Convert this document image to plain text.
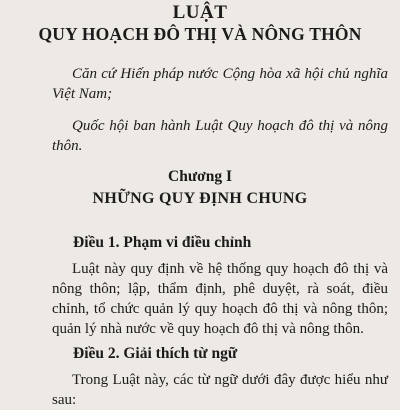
LUẬT
QUY HOẠCH ĐÔ THỊ VÀ NÔNG THÔN
Căn cứ Hiến pháp nước Cộng hòa xã hội chủ nghĩa Việt Nam;
Quốc hội ban hành Luật Quy hoạch đô thị và nông thôn.
Chương I
NHỮNG QUY ĐỊNH CHUNG
Điều 1. Phạm vi điều chỉnh
Luật này quy định về hệ thống quy hoạch đô thị và nông thôn; lập, thẩm định, phê duyệt, rà soát, điều chỉnh, tổ chức quản lý quy hoạch đô thị và nông thôn; quản lý nhà nước về quy hoạch đô thị và nông thôn.
Điều 2. Giải thích từ ngữ
Trong Luật này, các từ ngữ dưới đây được hiểu như sau:
